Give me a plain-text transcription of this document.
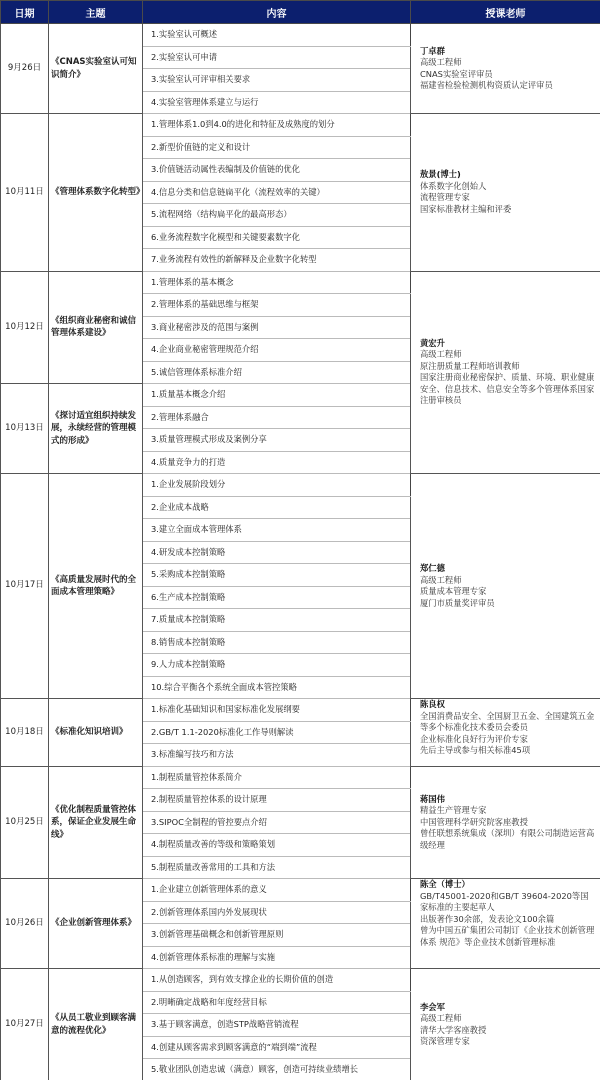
日期	主题	内容	授课老师
9月26日	《CNAS实验室认可知识简介》	1.实验室认可概述	丁卓群
高级工程师
CNAS实验室评审员
福建省检验检测机构资质认定评审员

		2.实验室认可申请	
		3.实验室认可评审相关要求	
		4.实验室管理体系建立与运行	
10月11日	《管理体系数字化转型》	1.管理体系1.0到4.0的进化和特征及成熟度的划分	敖景(博士)
体系数字化创始人
流程管理专家
国家标准教材主编和评委

		2.新型价值链的定义和设计	
		3.价值链活动属性表编制及价值链的优化	
		4.信息分类和信息链扁平化（流程效率的关键）	
		5.流程网络（结构扁平化的最高形态）	
		6.业务流程数字化模型和关键要素数字化	
		7.业务流程有效性的新解释及企业数字化转型	
10月12日	《组织商业秘密和诚信管理体系建设》	1.管理体系的基本概念	黄宏升
高级工程师
原注册质量工程师培训教师
国家注册商业秘密保护、质量、环境、职业健康安全、信息技术、信息安全等多个管理体系国家注册审核员

		2.管理体系的基础思维与框架	
		3.商业秘密涉及的范围与案例	
		4.企业商业秘密管理规范介绍	
		5.诚信管理体系标准介绍	
10月13日	《探讨适宜组织持续发展，永续经营的管理模式的形成》	1.质量基本概念介绍	
		2.管理体系融合	
		3.质量管理模式形成及案例分享	
		4.质量竞争力的打造	
10月17日	《高质量发展时代的全面成本管理策略》	1.企业发展阶段划分	郑仁德
高级工程师
质量成本管理专家
厦门市质量奖评审员

		2.企业成本战略	
		3.建立全面成本管理体系	
		4.研发成本控制策略	
		5.采购成本控制策略	
		6.生产成本控制策略	
		7.质量成本控制策略	
		8.销售成本控制策略	
		9.人力成本控制策略	
		10.综合平衡各个系统全面成本管控策略	
10月18日	《标准化知识培训》	1.标准化基础知识和国家标准化发展纲要	陈良权
全国消费品安全、全国厨卫五金、全国建筑五金等多个标准化技术委员会委员
企业标准化良好行为评价专家
先后主导或参与相关标准45项

		2.GB/T 1.1-2020标准化工作导则解读	
		3.标准编写技巧和方法	
10月25日	《优化制程质量管控体系，保证企业发展生命线》	1.制程质量管控体系简介	蒋国伟
精益生产管理专家
中国管理科学研究院客座教授
曾任联想系统集成（深圳）有限公司制造运营高级经理

		2.制程质量管控体系的设计原理	
		3.SIPOC全制程的管控要点介绍	
		4.制程质量改善的等级和策略策划	
		5.制程质量改善常用的工具和方法	
10月26日	《企业创新管理体系》	1.企业建立创新管理体系的意义	陈全（博士）
GB/T45001-2020和GB/T 39604-2020等国家标准的主要起草人
出版著作30余部，发表论文100余篇
曾为中国五矿集团公司制订《企业技术创新管理体系 规范》等企业技术创新管理标准

		2.创新管理体系国内外发展现状	
		3.创新管理基础概念和创新管理原则	
		4.创新管理体系标准的理解与实施	
10月27日	《从员工敬业到顾客满意的流程优化》	1.从创造顾客，到有效支撑企业的长期价值的创造	李会军
高级工程师
清华大学客座教授
资深管理专家

		2.明晰确定战略和年度经营目标	
		3.基于顾客满意，创造STP战略营销流程	
		4.创建从顾客需求到顾客满意的“端到端”流程	
		5.敬业团队创造忠诚（满意）顾客，创造可持续业绩增长	
